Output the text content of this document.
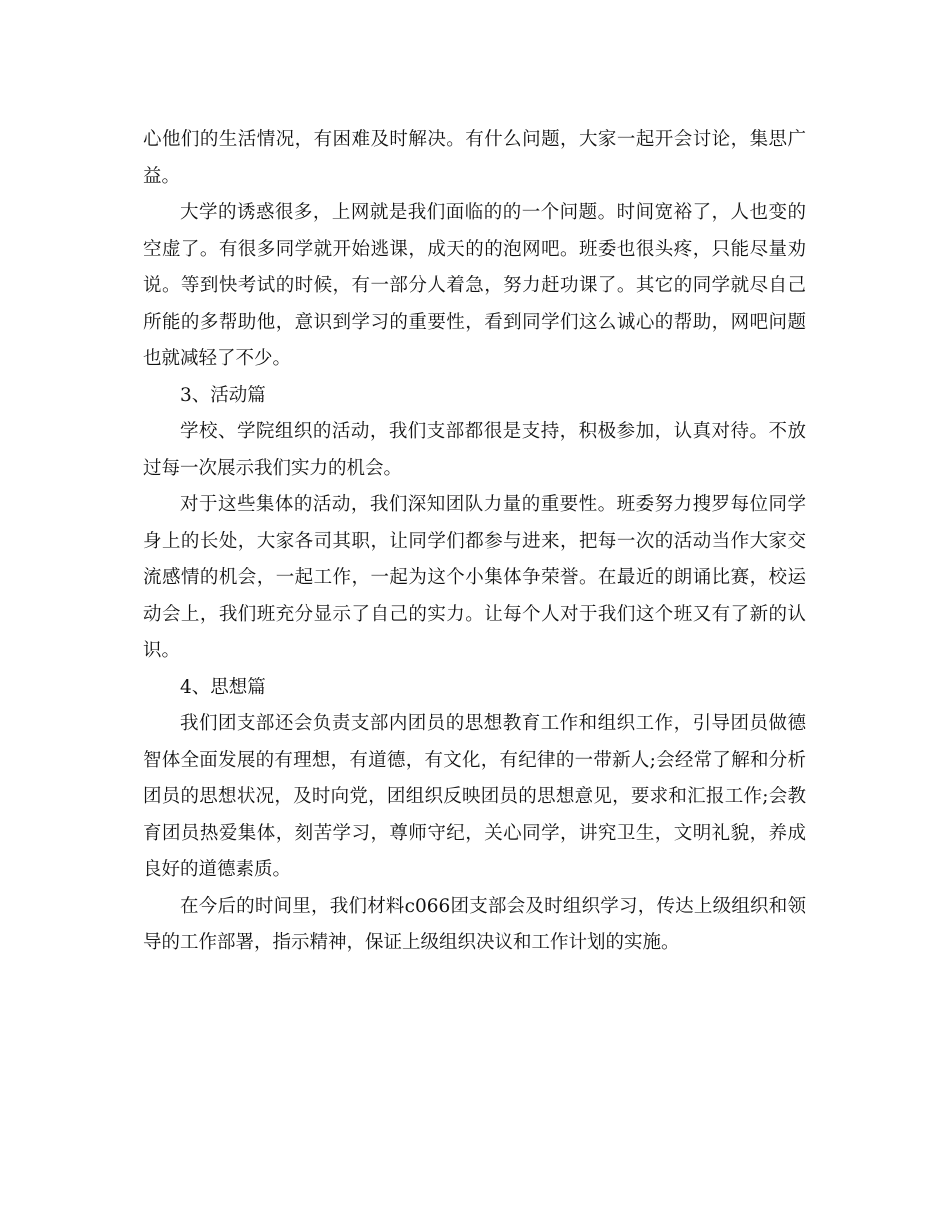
心他们的生活情况，有困难及时解决。有什么问题，大家一起开会讨论，集思广益。

大学的诱惑很多，上网就是我们面临的的一个问题。时间宽裕了，人也变的空虚了。有很多同学就开始逃课，成天的的泡网吧。班委也很头疼，只能尽量劝说。等到快考试的时候，有一部分人着急，努力赶功课了。其它的同学就尽自己所能的多帮助他，意识到学习的重要性，看到同学们这么诚心的帮助，网吧问题也就减轻了不少。

3、活动篇

学校、学院组织的活动，我们支部都很是支持，积极参加，认真对待。不放过每一次展示我们实力的机会。

对于这些集体的活动，我们深知团队力量的重要性。班委努力搜罗每位同学身上的长处，大家各司其职，让同学们都参与进来，把每一次的活动当作大家交流感情的机会，一起工作，一起为这个小集体争荣誉。在最近的朗诵比赛，校运动会上，我们班充分显示了自己的实力。让每个人对于我们这个班又有了新的认识。

4、思想篇

我们团支部还会负责支部内团员的思想教育工作和组织工作，引导团员做德智体全面发展的有理想，有道德，有文化，有纪律的一带新人;会经常了解和分析团员的思想状况，及时向党，团组织反映团员的思想意见，要求和汇报工作;会教育团员热爱集体，刻苦学习，尊师守纪，关心同学，讲究卫生，文明礼貌，养成良好的道德素质。

在今后的时间里，我们材料c066团支部会及时组织学习，传达上级组织和领导的工作部署，指示精神，保证上级组织决议和工作计划的实施。
